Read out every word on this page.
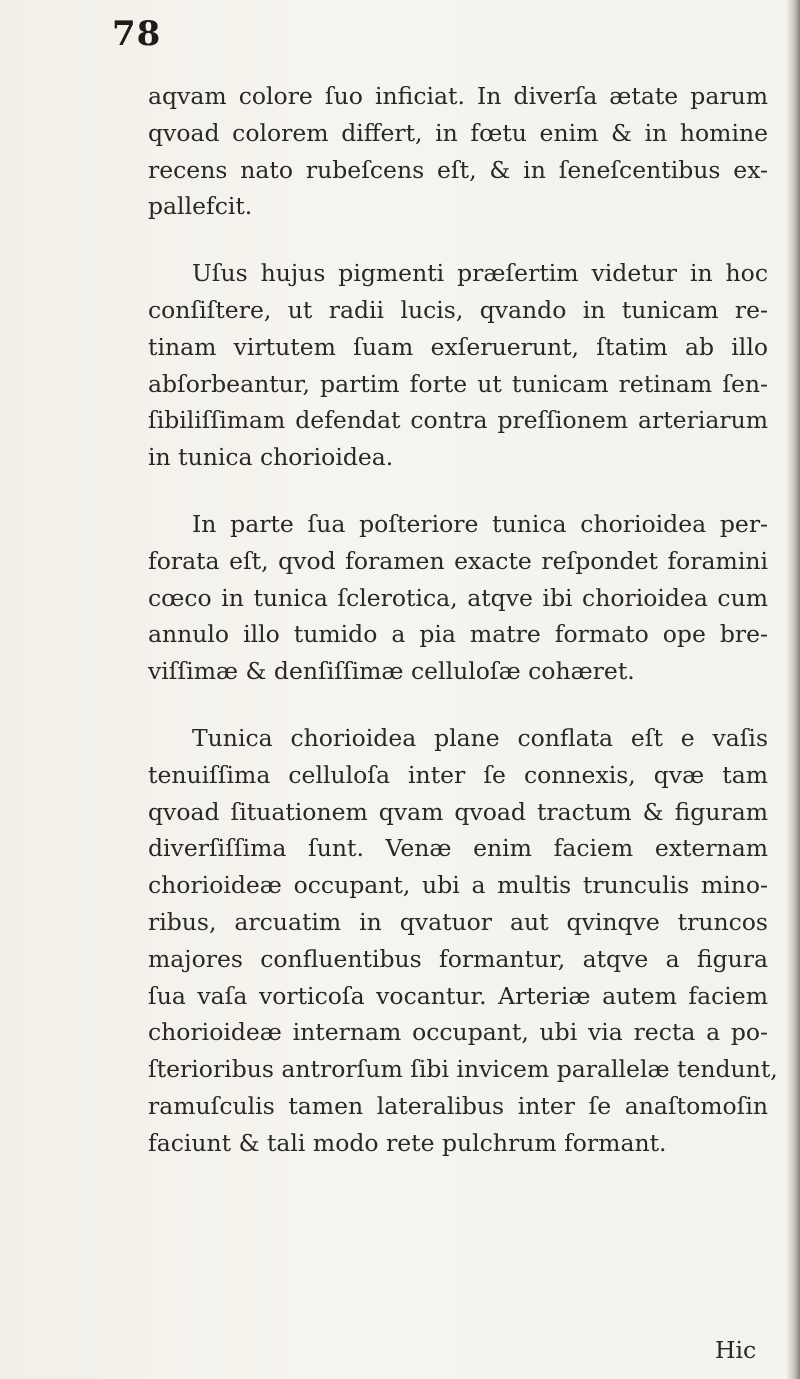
78
aqvam colore ſuo inficiat. In diverſa ætate parum
qvoad colorem differt, in fœtu enim & in homine
recens nato rubeſcens eſt, & in ſeneſcentibus ex-
pallefcit.
Uſus hujus pigmenti præſertim videtur in hoc
conſiſtere, ut radii lucis, qvando in tunicam re-
tinam virtutem ſuam exſeruerunt, ſtatim ab illo
abſorbeantur, partim forte ut tunicam retinam ſen-
ſibiliſſimam defendat contra preſſionem arteriarum
in tunica chorioidea.
In parte ſua poſteriore tunica chorioidea per-
forata eſt, qvod foramen exacte reſpondet foramini
cœco in tunica ſclerotica, atqve ibi chorioidea cum
annulo illo tumido a pia matre formato ope bre-
viſſimæ & denſiſſimæ celluloſæ cohæret.
Tunica chorioidea plane conflata eſt e vaſis
tenuiſſima celluloſa inter ſe connexis, qvæ tam
qvoad ſituationem qvam qvoad tractum & figuram
diverſiſſima ſunt. Venæ enim faciem externam
chorioideæ occupant, ubi a multis trunculis mino-
ribus, arcuatim in qvatuor aut qvinqve truncos
majores confluentibus formantur, atqve a figura
ſua vaſa vorticoſa vocantur. Arteriæ autem faciem
chorioideæ internam occupant, ubi via recta a po-
ſterioribus antrorſum ſibi invicem parallelæ tendunt,
ramuſculis tamen lateralibus inter ſe anaſtomoſin
faciunt & tali modo rete pulchrum formant.
Hic
